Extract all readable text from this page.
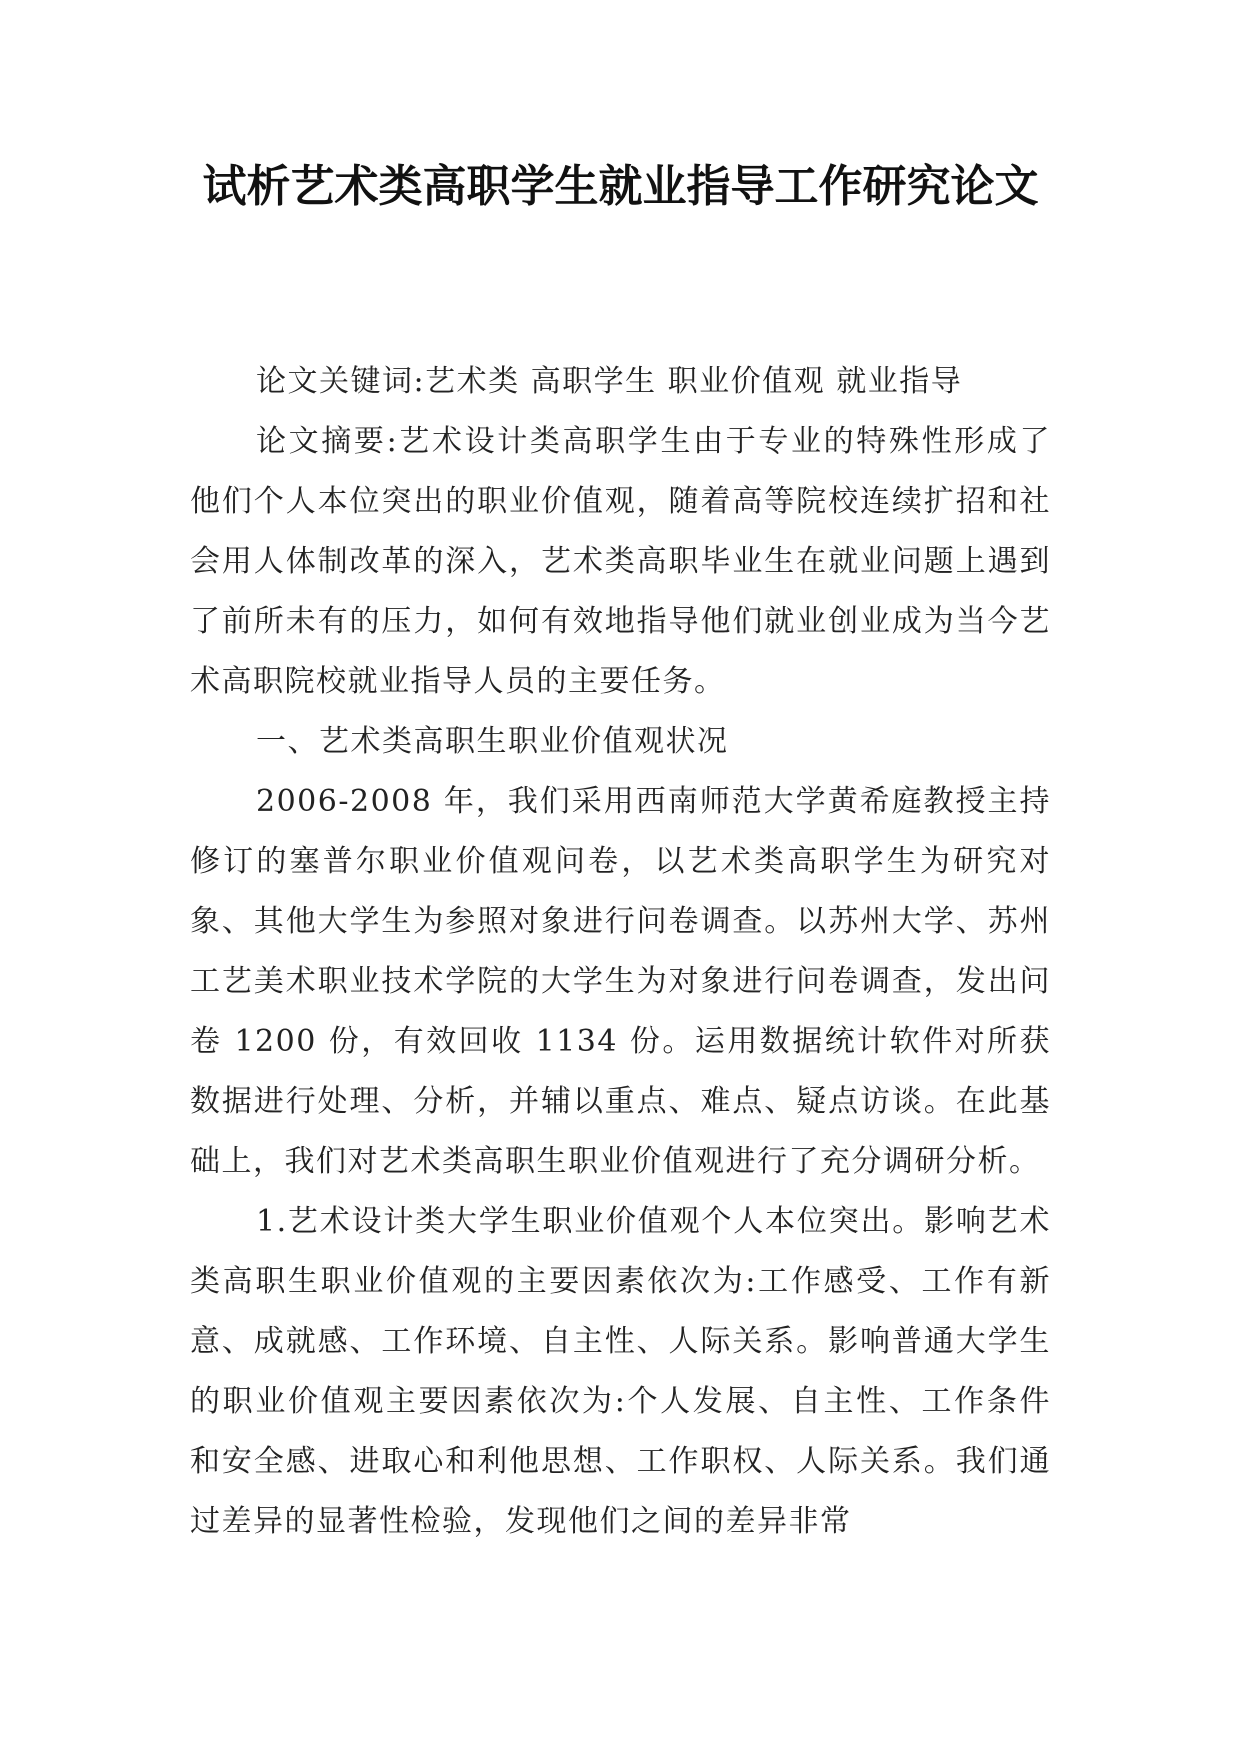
试析艺术类高职学生就业指导工作研究论文

论文关键词:艺术类 高职学生 职业价值观 就业指导

论文摘要:艺术设计类高职学生由于专业的特殊性形成了他们个人本位突出的职业价值观，随着高等院校连续扩招和社会用人体制改革的深入，艺术类高职毕业生在就业问题上遇到了前所未有的压力，如何有效地指导他们就业创业成为当今艺术高职院校就业指导人员的主要任务。

一、艺术类高职生职业价值观状况

2006-2008 年，我们采用西南师范大学黄希庭教授主持修订的塞普尔职业价值观问卷，以艺术类高职学生为研究对象、其他大学生为参照对象进行问卷调查。以苏州大学、苏州工艺美术职业技术学院的大学生为对象进行问卷调查，发出问卷 1200 份，有效回收 1134 份。运用数据统计软件对所获数据进行处理、分析，并辅以重点、难点、疑点访谈。在此基础上，我们对艺术类高职生职业价值观进行了充分调研分析。

1.艺术设计类大学生职业价值观个人本位突出。影响艺术类高职生职业价值观的主要因素依次为:工作感受、工作有新意、成就感、工作环境、自主性、人际关系。影响普通大学生的职业价值观主要因素依次为:个人发展、自主性、工作条件和安全感、进取心和利他思想、工作职权、人际关系。我们通过差异的显著性检验，发现他们之间的差异非常
